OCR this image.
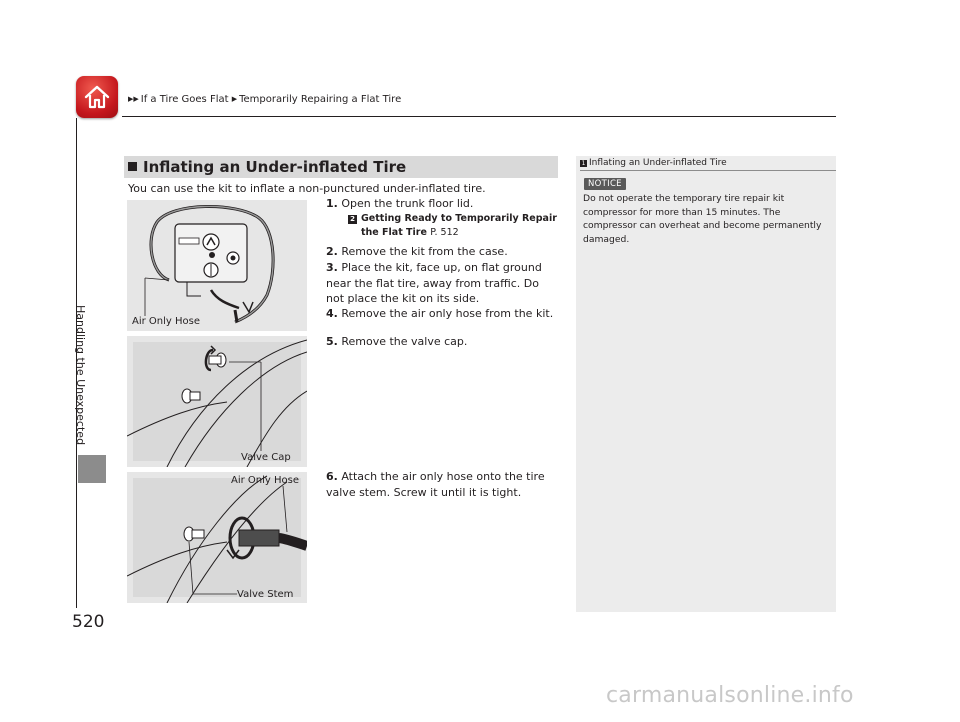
▶▶ If a Tire Goes Flat ▶ Temporarily Repairing a Flat Tire
Handling the Unexpected
520
Inflating an Under-inflated Tire
You can use the kit to inflate a non-punctured under-inflated tire.
Air Only Hose
Valve Cap
Air Only Hose
Valve Stem
1. Open the trunk floor lid.
2 Getting Ready to Temporarily Repair
the Flat Tire P. 512
2. Remove the kit from the case.
3. Place the kit, face up, on flat ground near the flat tire, away from traffic. Do not place the kit on its side.
4. Remove the air only hose from the kit.
5. Remove the valve cap.
6. Attach the air only hose onto the tire valve stem. Screw it until it is tight.
1 Inflating an Under-inflated Tire
NOTICE
Do not operate the temporary tire repair kit compressor for more than 15 minutes. The compressor can overheat and become permanently damaged.
carmanualsonline.info
